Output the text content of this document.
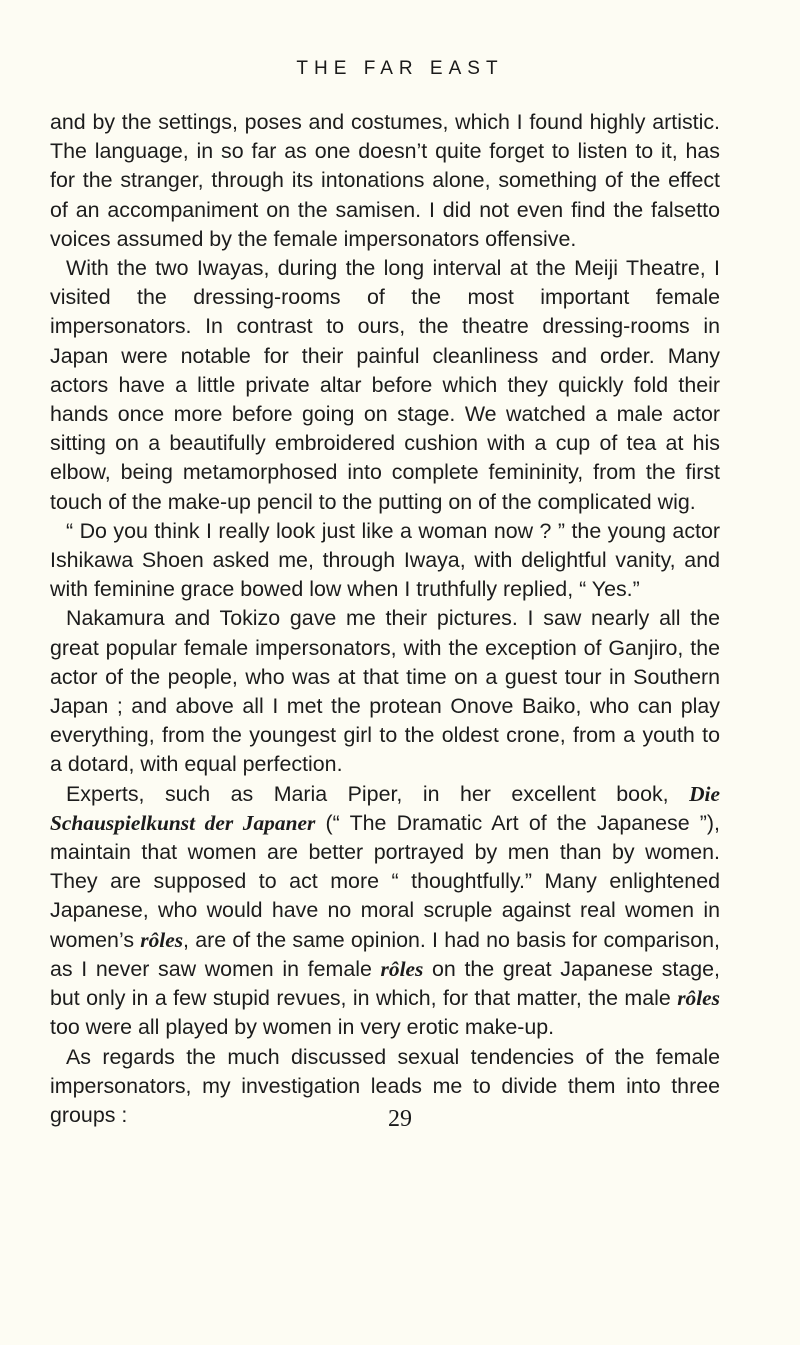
THE FAR EAST

and by the settings, poses and costumes, which I found highly artistic. The language, in so far as one doesn’t quite forget to listen to it, has for the stranger, through its intonations alone, something of the effect of an accompaniment on the samisen. I did not even find the falsetto voices assumed by the female impersonators offensive.

With the two Iwayas, during the long interval at the Meiji Theatre, I visited the dressing-rooms of the most important female impersonators. In contrast to ours, the theatre dressing-rooms in Japan were notable for their painful cleanliness and order. Many actors have a little private altar before which they quickly fold their hands once more before going on stage. We watched a male actor sitting on a beautifully embroidered cushion with a cup of tea at his elbow, being metamorphosed into complete femininity, from the first touch of the make-up pencil to the putting on of the complicated wig.

“ Do you think I really look just like a woman now ? ” the young actor Ishikawa Shoen asked me, through Iwaya, with delightful vanity, and with feminine grace bowed low when I truthfully replied, “ Yes.”

Nakamura and Tokizo gave me their pictures. I saw nearly all the great popular female impersonators, with the exception of Ganjiro, the actor of the people, who was at that time on a guest tour in Southern Japan ; and above all I met the protean Onove Baiko, who can play everything, from the youngest girl to the oldest crone, from a youth to a dotard, with equal perfection.

Experts, such as Maria Piper, in her excellent book, Die Schauspielkunst der Japaner (“ The Dramatic Art of the Japanese ”), maintain that women are better portrayed by men than by women. They are supposed to act more “ thoughtfully.” Many enlightened Japanese, who would have no moral scruple against real women in women’s rôles, are of the same opinion. I had no basis for comparison, as I never saw women in female rôles on the great Japanese stage, but only in a few stupid revues, in which, for that matter, the male rôles too were all played by women in very erotic make-up.

As regards the much discussed sexual tendencies of the female impersonators, my investigation leads me to divide them into three groups :	29
